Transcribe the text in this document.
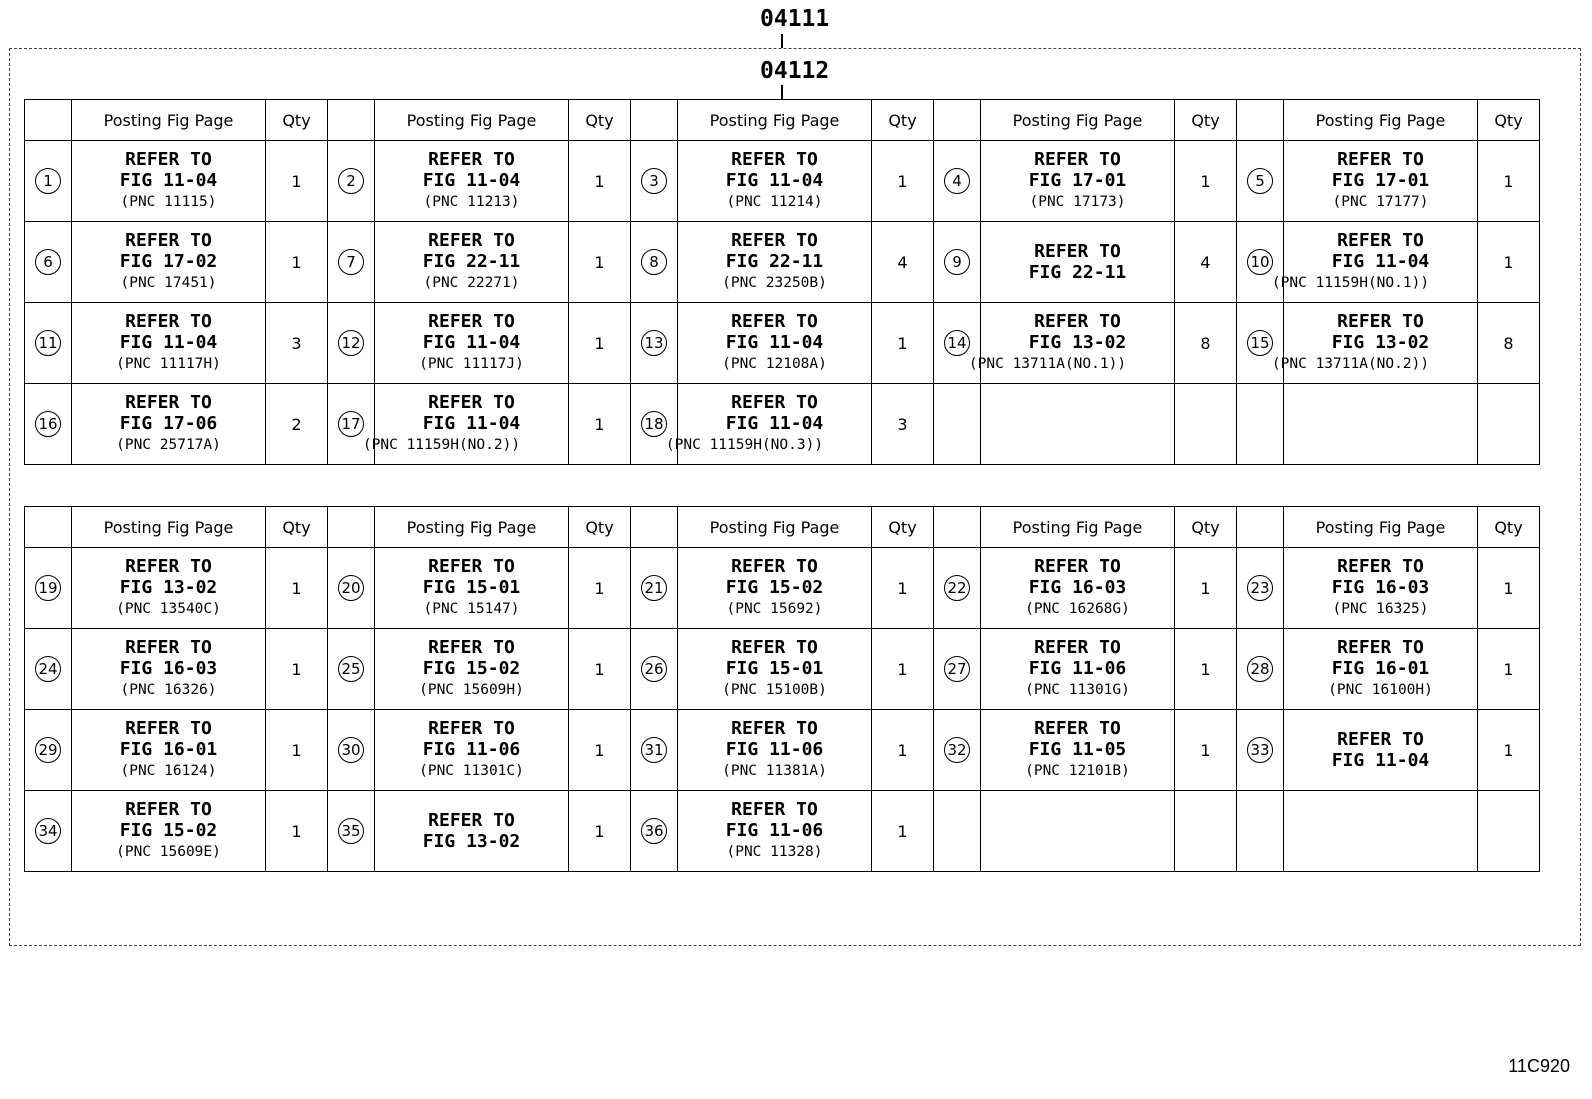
04111
04112
	Posting Fig Page	Qty		Posting Fig Page	Qty		Posting Fig Page	Qty		Posting Fig Page	Qty		Posting Fig Page	Qty
1	REFER TO
FIG 11-04
(PNC 11115)	1	2	REFER TO
FIG 11-04
(PNC 11213)	1	3	REFER TO
FIG 11-04
(PNC 11214)	1	4	REFER TO
FIG 17-01
(PNC 17173)	1	5	REFER TO
FIG 17-01
(PNC 17177)	1
6	REFER TO
FIG 17-02
(PNC 17451)	1	7	REFER TO
FIG 22-11
(PNC 22271)	1	8	REFER TO
FIG 22-11
(PNC 23250B)	4	9	REFER TO
FIG 22-11	4	10	REFER TO
FIG 11-04
(PNC 11159H(NO.1))	1
11	REFER TO
FIG 11-04
(PNC 11117H)	3	12	REFER TO
FIG 11-04
(PNC 11117J)	1	13	REFER TO
FIG 11-04
(PNC 12108A)	1	14	REFER TO
FIG 13-02
(PNC 13711A(NO.1))	8	15	REFER TO
FIG 13-02
(PNC 13711A(NO.2))	8
16	REFER TO
FIG 17-06
(PNC 25717A)	2	17	REFER TO
FIG 11-04
(PNC 11159H(NO.2))	1	18	REFER TO
FIG 11-04
(PNC 11159H(NO.3))	3						
	Posting Fig Page	Qty		Posting Fig Page	Qty		Posting Fig Page	Qty		Posting Fig Page	Qty		Posting Fig Page	Qty
19	REFER TO
FIG 13-02
(PNC 13540C)	1	20	REFER TO
FIG 15-01
(PNC 15147)	1	21	REFER TO
FIG 15-02
(PNC 15692)	1	22	REFER TO
FIG 16-03
(PNC 16268G)	1	23	REFER TO
FIG 16-03
(PNC 16325)	1
24	REFER TO
FIG 16-03
(PNC 16326)	1	25	REFER TO
FIG 15-02
(PNC 15609H)	1	26	REFER TO
FIG 15-01
(PNC 15100B)	1	27	REFER TO
FIG 11-06
(PNC 11301G)	1	28	REFER TO
FIG 16-01
(PNC 16100H)	1
29	REFER TO
FIG 16-01
(PNC 16124)	1	30	REFER TO
FIG 11-06
(PNC 11301C)	1	31	REFER TO
FIG 11-06
(PNC 11381A)	1	32	REFER TO
FIG 11-05
(PNC 12101B)	1	33	REFER TO
FIG 11-04	1
34	REFER TO
FIG 15-02
(PNC 15609E)	1	35	REFER TO
FIG 13-02	1	36	REFER TO
FIG 11-06
(PNC 11328)	1						
11C920
